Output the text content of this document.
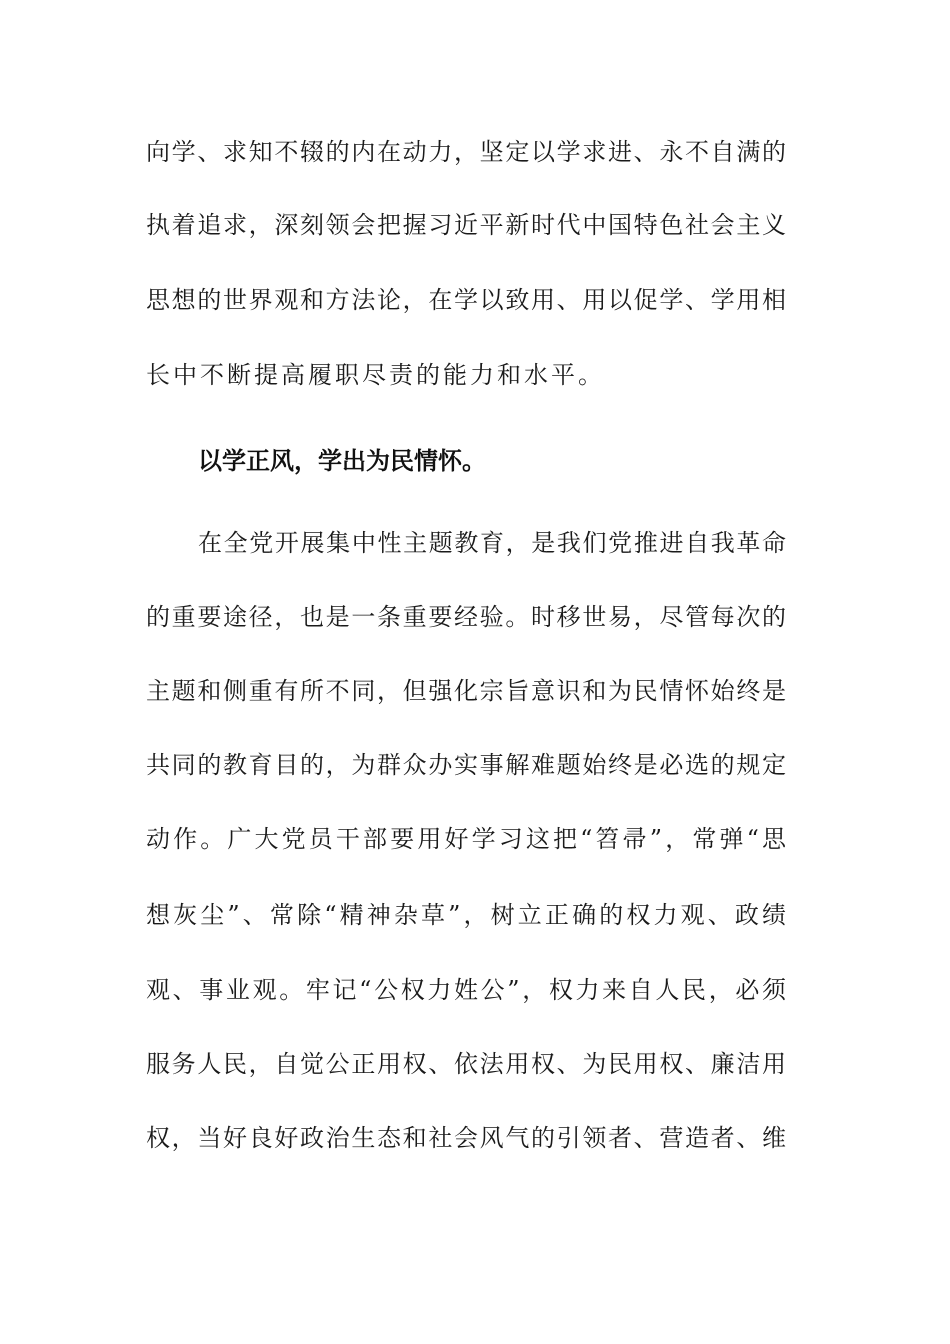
向学、求知不辍的内在动力，坚定以学求进、永不自满的
执着追求，深刻领会把握习近平新时代中国特色社会主义
思想的世界观和方法论，在学以致用、用以促学、学用相
长中不断提高履职尽责的能力和水平。
以学正风，学出为民情怀。
在全党开展集中性主题教育，是我们党推进自我革命
的重要途径，也是一条重要经验。时移世易，尽管每次的
主题和侧重有所不同，但强化宗旨意识和为民情怀始终是
共同的教育目的，为群众办实事解难题始终是必选的规定
动作。广大党员干部要用好学习这把“笤帚”，常弹“思
想灰尘”、常除“精神杂草”，树立正确的权力观、政绩
观、事业观。牢记“公权力姓公”，权力来自人民，必须
服务人民，自觉公正用权、依法用权、为民用权、廉洁用
权，当好良好政治生态和社会风气的引领者、营造者、维
